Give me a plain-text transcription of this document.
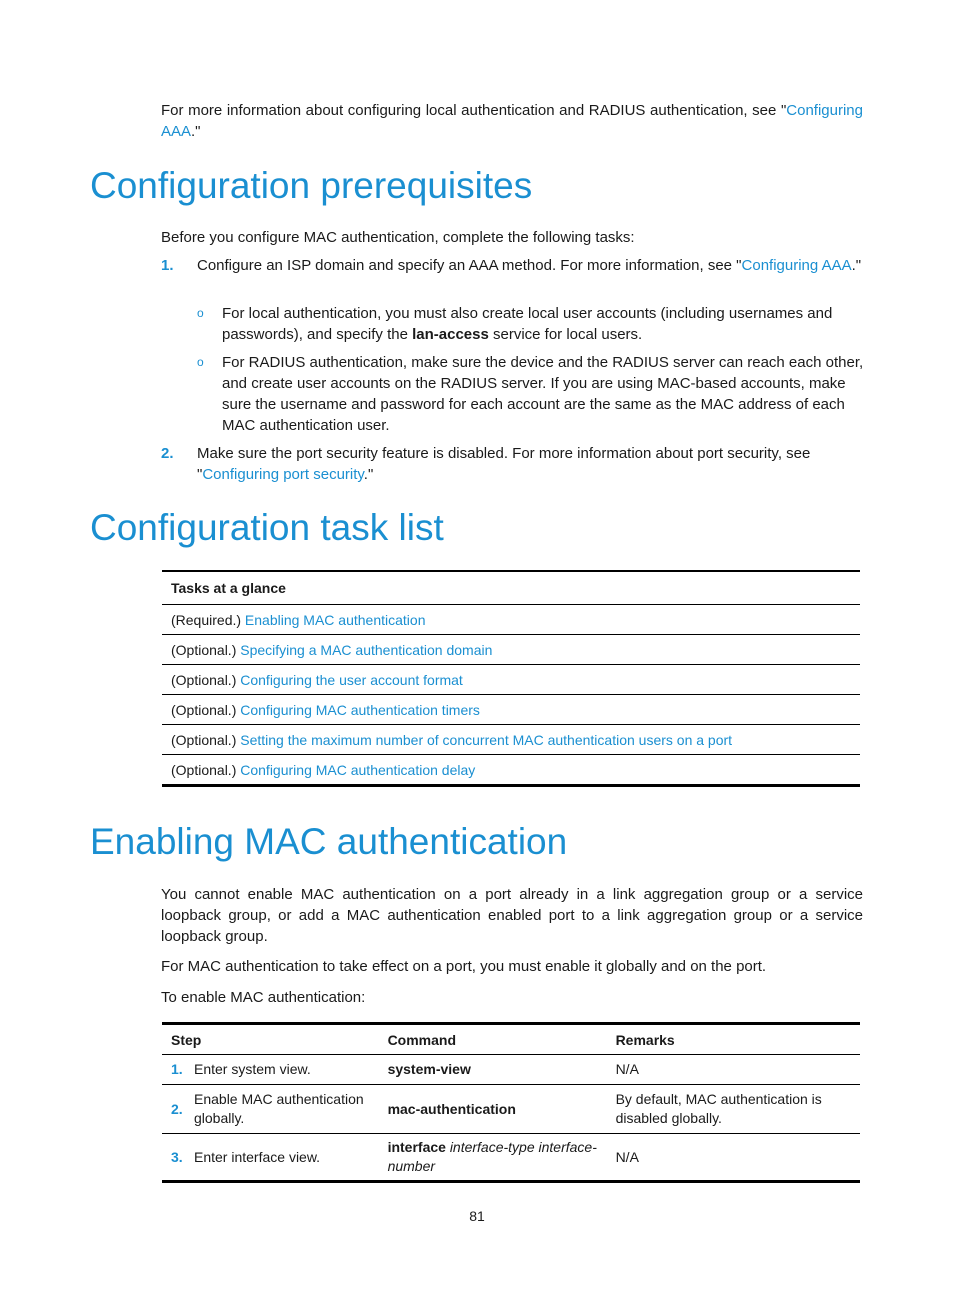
For more information about configuring local authentication and RADIUS authentication, see "Configuring AAA."

Configuration prerequisites

Before you configure MAC authentication, complete the following tasks:

1. Configure an ISP domain and specify an AAA method. For more information, see "Configuring AAA."

o For local authentication, you must also create local user accounts (including usernames and passwords), and specify the lan-access service for local users.

o For RADIUS authentication, make sure the device and the RADIUS server can reach each other, and create user accounts on the RADIUS server. If you are using MAC-based accounts, make sure the username and password for each account are the same as the MAC address of each MAC authentication user.

2. Make sure the port security feature is disabled. For more information about port security, see "Configuring port security."

Configuration task list
Tasks at a glance
(Required.) Enabling MAC authentication
(Optional.) Specifying a MAC authentication domain
(Optional.) Configuring the user account format
(Optional.) Configuring MAC authentication timers
(Optional.) Setting the maximum number of concurrent MAC authentication users on a port
(Optional.) Configuring MAC authentication delay
Enabling MAC authentication

You cannot enable MAC authentication on a port already in a link aggregation group or a service loopback group, or add a MAC authentication enabled port to a link aggregation group or a service loopback group.

For MAC authentication to take effect on a port, you must enable it globally and on the port.

To enable MAC authentication:

Step		Command	Remarks
1.	Enter system view.	system-view	N/A
2.	Enable MAC authentication globally.	mac-authentication	By default, MAC authentication is disabled globally.
3.	Enter interface view.	interface interface-type interface-number	N/A
81
